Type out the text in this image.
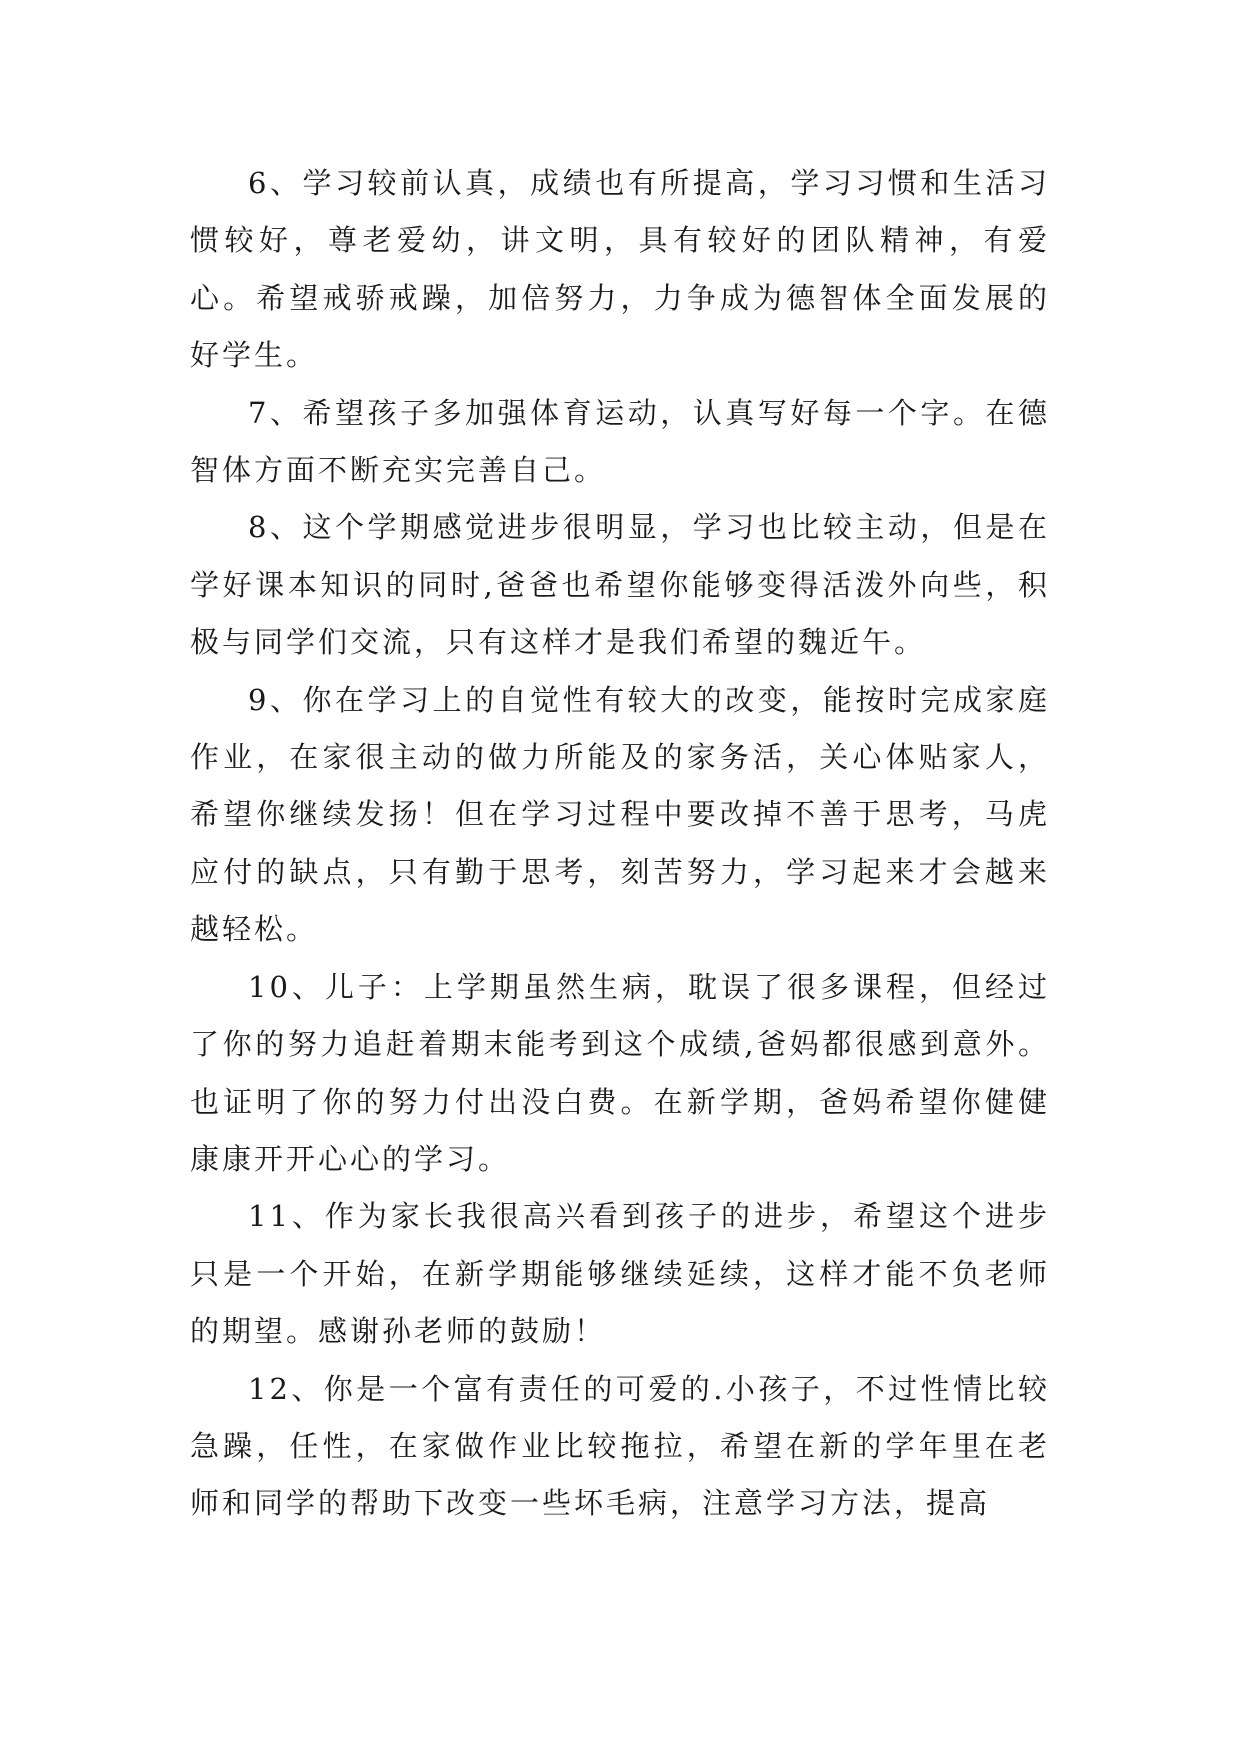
6、学习较前认真，成绩也有所提高，学习习惯和生活习惯较好，尊老爱幼，讲文明，具有较好的团队精神，有爱心。希望戒骄戒躁，加倍努力，力争成为德智体全面发展的好学生。

7、希望孩子多加强体育运动，认真写好每一个字。在德智体方面不断充实完善自己。

8、这个学期感觉进步很明显，学习也比较主动，但是在学好课本知识的同时,爸爸也希望你能够变得活泼外向些，积极与同学们交流，只有这样才是我们希望的魏近午。

9、你在学习上的自觉性有较大的改变，能按时完成家庭作业，在家很主动的做力所能及的家务活，关心体贴家人，希望你继续发扬！但在学习过程中要改掉不善于思考，马虎应付的缺点，只有勤于思考，刻苦努力，学习起来才会越来越轻松。

10、儿子：上学期虽然生病，耽误了很多课程，但经过了你的努力追赶着期末能考到这个成绩,爸妈都很感到意外。也证明了你的努力付出没白费。在新学期，爸妈希望你健健康康开开心心的学习。

11、作为家长我很高兴看到孩子的进步，希望这个进步只是一个开始，在新学期能够继续延续，这样才能不负老师的期望。感谢孙老师的鼓励！

12、你是一个富有责任的可爱的.小孩子，不过性情比较急躁，任性，在家做作业比较拖拉，希望在新的学年里在老师和同学的帮助下改变一些坏毛病，注意学习方法，提高
